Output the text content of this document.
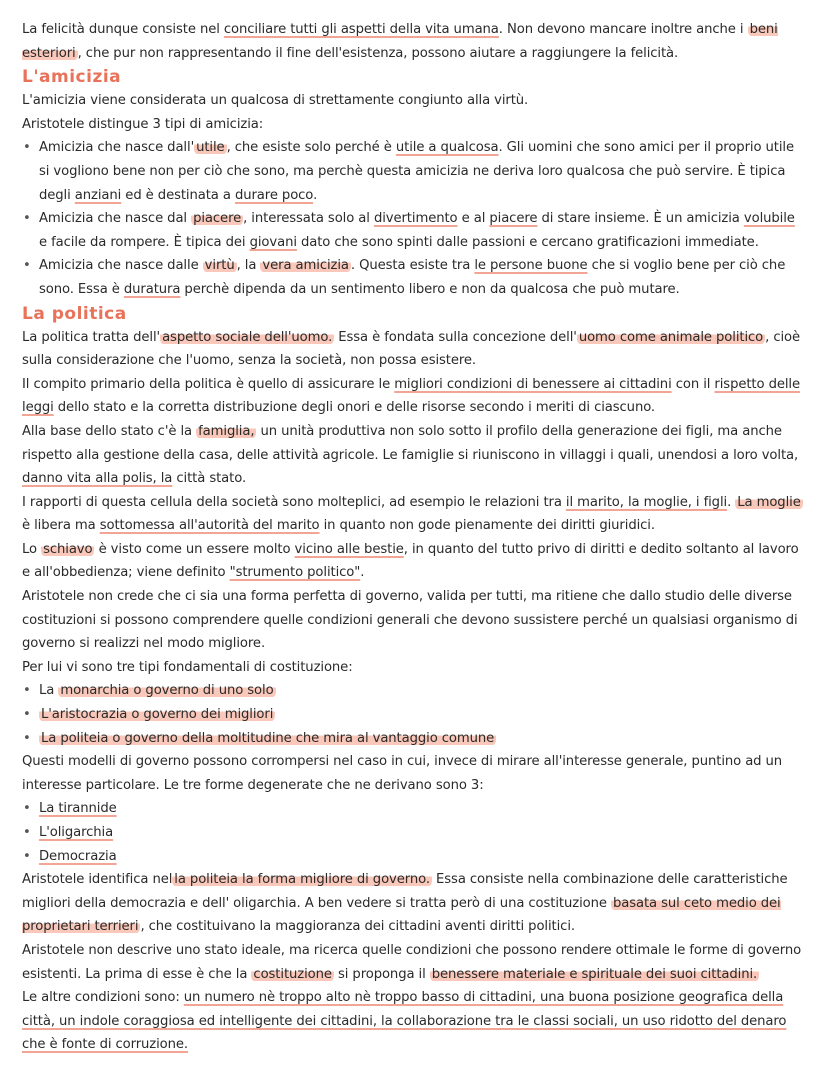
La felicità dunque consiste nel conciliare tutti gli aspetti della vita umana. Non devono mancare inoltre anche i beni esteriori , che pur non rappresentando il fine dell'esistenza, possono aiutare a raggiungere la felicità.

L'amicizia

L'amicizia viene considerata un qualcosa di strettamente congiunto alla virtù.

Aristotele distingue 3 tipi di amicizia:

• Amicizia che nasce dall' utile , che esiste solo perché è utile a qualcosa. Gli uomini che sono amici per il proprio utile si vogliono bene non per ciò che sono, ma perchè questa amicizia ne deriva loro qualcosa che può servire. È tipica degli anziani ed è destinata a durare poco.
• Amicizia che nasce dal piacere , interessata solo al divertimento e al piacere di stare insieme. È un amicizia volubile e facile da rompere. È tipica dei giovani dato che sono spinti dalle passioni e cercano gratificazioni immediate.
• Amicizia che nasce dalle virtù , la vera amicizia . Questa esiste tra le persone buone che si voglio bene per ciò che sono. Essa è duratura perchè dipenda da un sentimento libero e non da qualcosa che può mutare.
La politica

La politica tratta dell' aspetto sociale dell'uomo. Essa è fondata sulla concezione dell' uomo come animale politico , cioè sulla considerazione che l'uomo, senza la società, non possa esistere.

Il compito primario della politica è quello di assicurare le migliori condizioni di benessere ai cittadini con il rispetto delle leggi dello stato e la corretta distribuzione degli onori e delle risorse secondo i meriti di ciascuno.

Alla base dello stato c'è la famiglia, un unità produttiva non solo sotto il profilo della generazione dei figli, ma anche rispetto alla gestione della casa, delle attività agricole. Le famiglie si riuniscono in villaggi i quali, unendosi a loro volta, danno vita alla polis, la città stato.

I rapporti di questa cellula della società sono molteplici, ad esempio le relazioni tra il marito, la moglie, i figli. La moglie è libera ma sottomessa all'autorità del marito in quanto non gode pienamente dei diritti giuridici.

Lo schiavo è visto come un essere molto vicino alle bestie, in quanto del tutto privo di diritti e dedito soltanto al lavoro e all'obbedienza; viene definito "strumento politico".

Aristotele non crede che ci sia una forma perfetta di governo, valida per tutti, ma ritiene che dallo studio delle diverse costituzioni si possono comprendere quelle condizioni generali che devono sussistere perché un qualsiasi organismo di governo si realizzi nel modo migliore.

Per lui vi sono tre tipi fondamentali di costituzione:

• La monarchia o governo di uno solo
• L'aristocrazia o governo dei migliori
• La politeia o governo della moltitudine che mira al vantaggio comune

Questi modelli di governo possono corrompersi nel caso in cui, invece di mirare all'interesse generale, puntino ad un interesse particolare. Le tre forme degenerate che ne derivano sono 3:

• La tirannide
• L'oligarchia
• Democrazia

Aristotele identifica nel la politeia la forma migliore di governo. Essa consiste nella combinazione delle caratteristiche migliori della democrazia e dell' oligarchia. A ben vedere si tratta però di una costituzione basata sul ceto medio dei proprietari terrieri , che costituivano la maggioranza dei cittadini aventi diritti politici.

Aristotele non descrive uno stato ideale, ma ricerca quelle condizioni che possono rendere ottimale le forme di governo esistenti. La prima di esse è che la costituzione si proponga il benessere materiale e spirituale dei suoi cittadini.

Le altre condizioni sono: un numero nè troppo alto nè troppo basso di cittadini, una buona posizione geografica della città, un indole coraggiosa ed intelligente dei cittadini, la collaborazione tra le classi sociali, un uso ridotto del denaro che è fonte di corruzione.
